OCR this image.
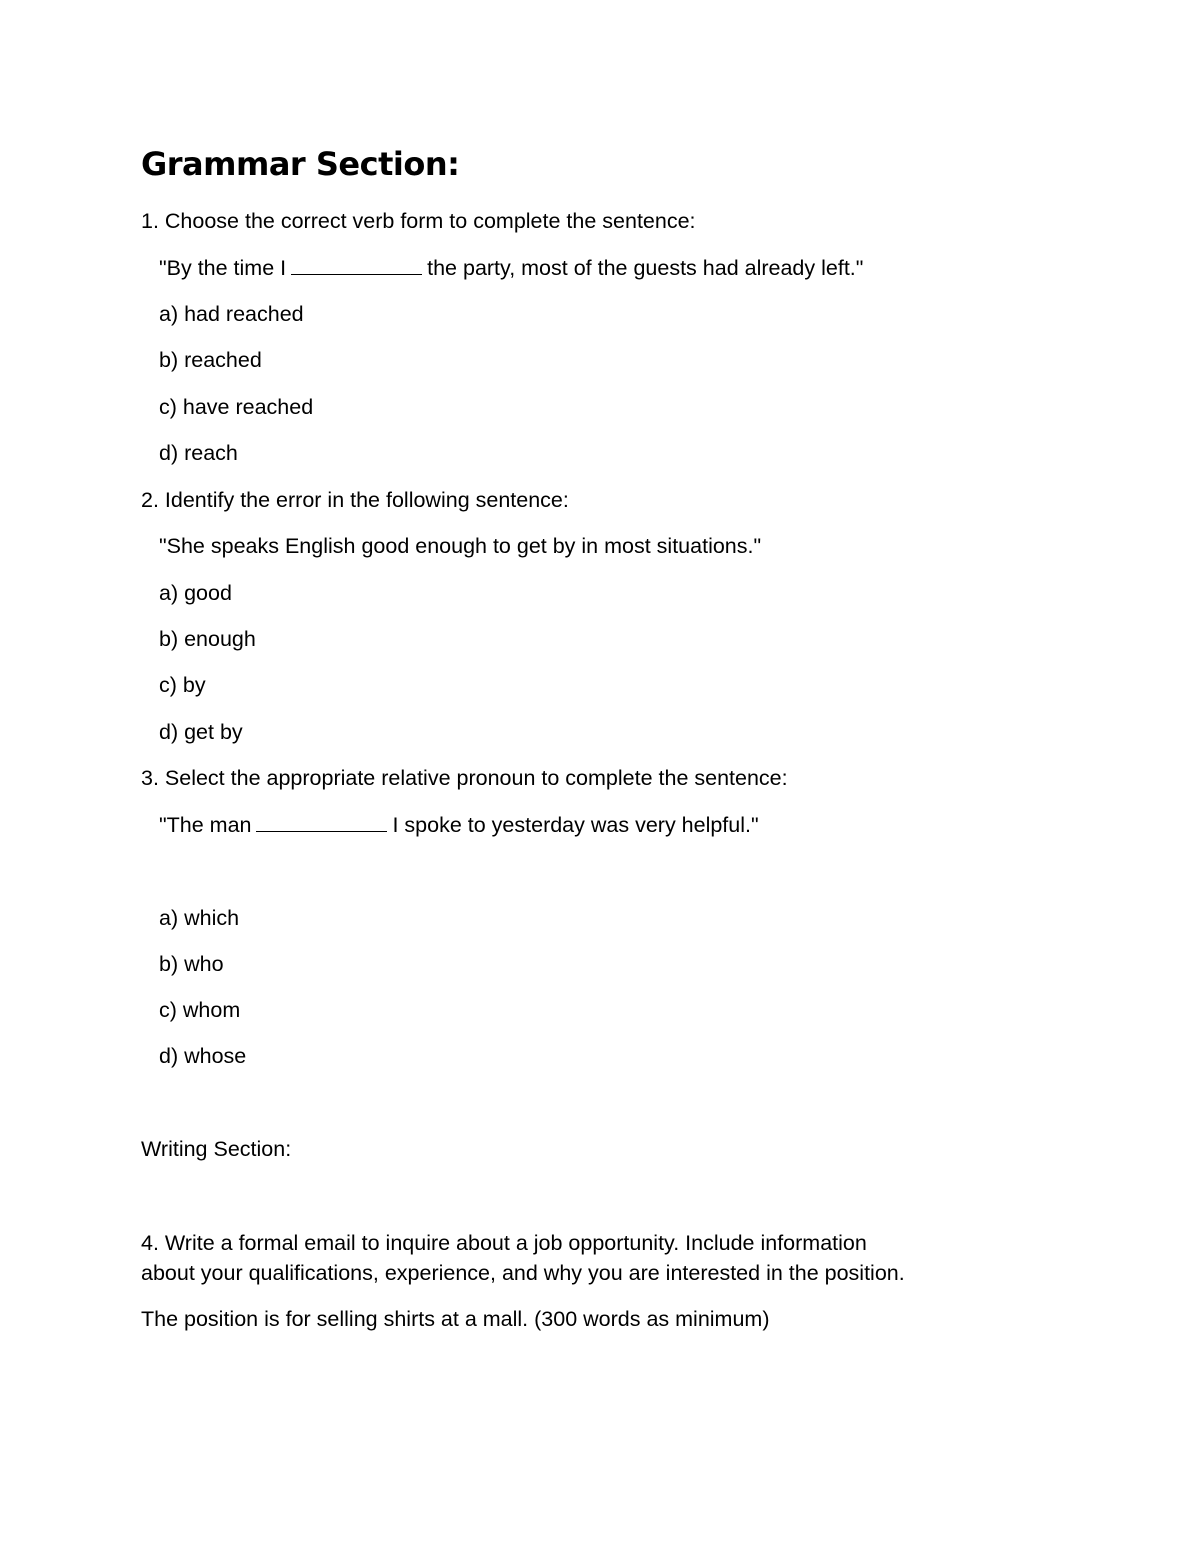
Grammar Section:
1. Choose the correct verb form to complete the sentence:
"By the time I	the party, most of the guests had already left."
a) had reached
b) reached
c) have reached
d) reach
2. Identify the error in the following sentence:
"She speaks English good enough to get by in most situations."
a) good
b) enough
c) by
d) get by
3. Select the appropriate relative pronoun to complete the sentence:
"The man	I spoke to yesterday was very helpful."
a) which
b) who
c) whom
d) whose
Writing Section:
4. Write a formal email to inquire about a job opportunity. Include information
about your qualifications, experience, and why you are interested in the position.
The position is for selling shirts at a mall. (300 words as minimum)
